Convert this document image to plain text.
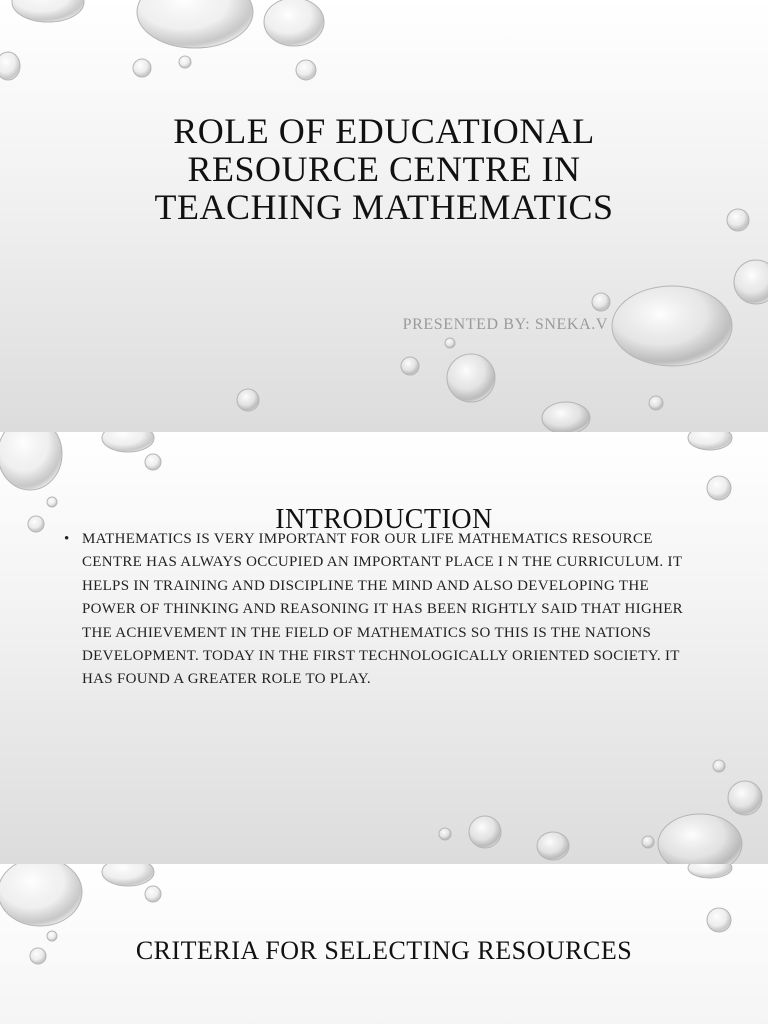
ROLE OF EDUCATIONAL
RESOURCE CENTRE IN
TEACHING MATHEMATICS
PRESENTED BY: SNEKA.V
INTRODUCTION
• MATHEMATICS IS VERY IMPORTANT FOR OUR LIFE MATHEMATICS RESOURCE CENTRE HAS ALWAYS OCCUPIED AN IMPORTANT PLACE I N THE CURRICULUM. IT HELPS IN TRAINING AND DISCIPLINE THE MIND AND ALSO DEVELOPING THE POWER OF THINKING AND REASONING IT HAS BEEN RIGHTLY SAID THAT HIGHER THE ACHIEVEMENT IN THE FIELD OF MATHEMATICS SO THIS IS THE NATIONS DEVELOPMENT. TODAY IN THE FIRST TECHNOLOGICALLY ORIENTED SOCIETY. IT HAS FOUND A GREATER ROLE TO PLAY.
CRITERIA FOR SELECTING RESOURCES
